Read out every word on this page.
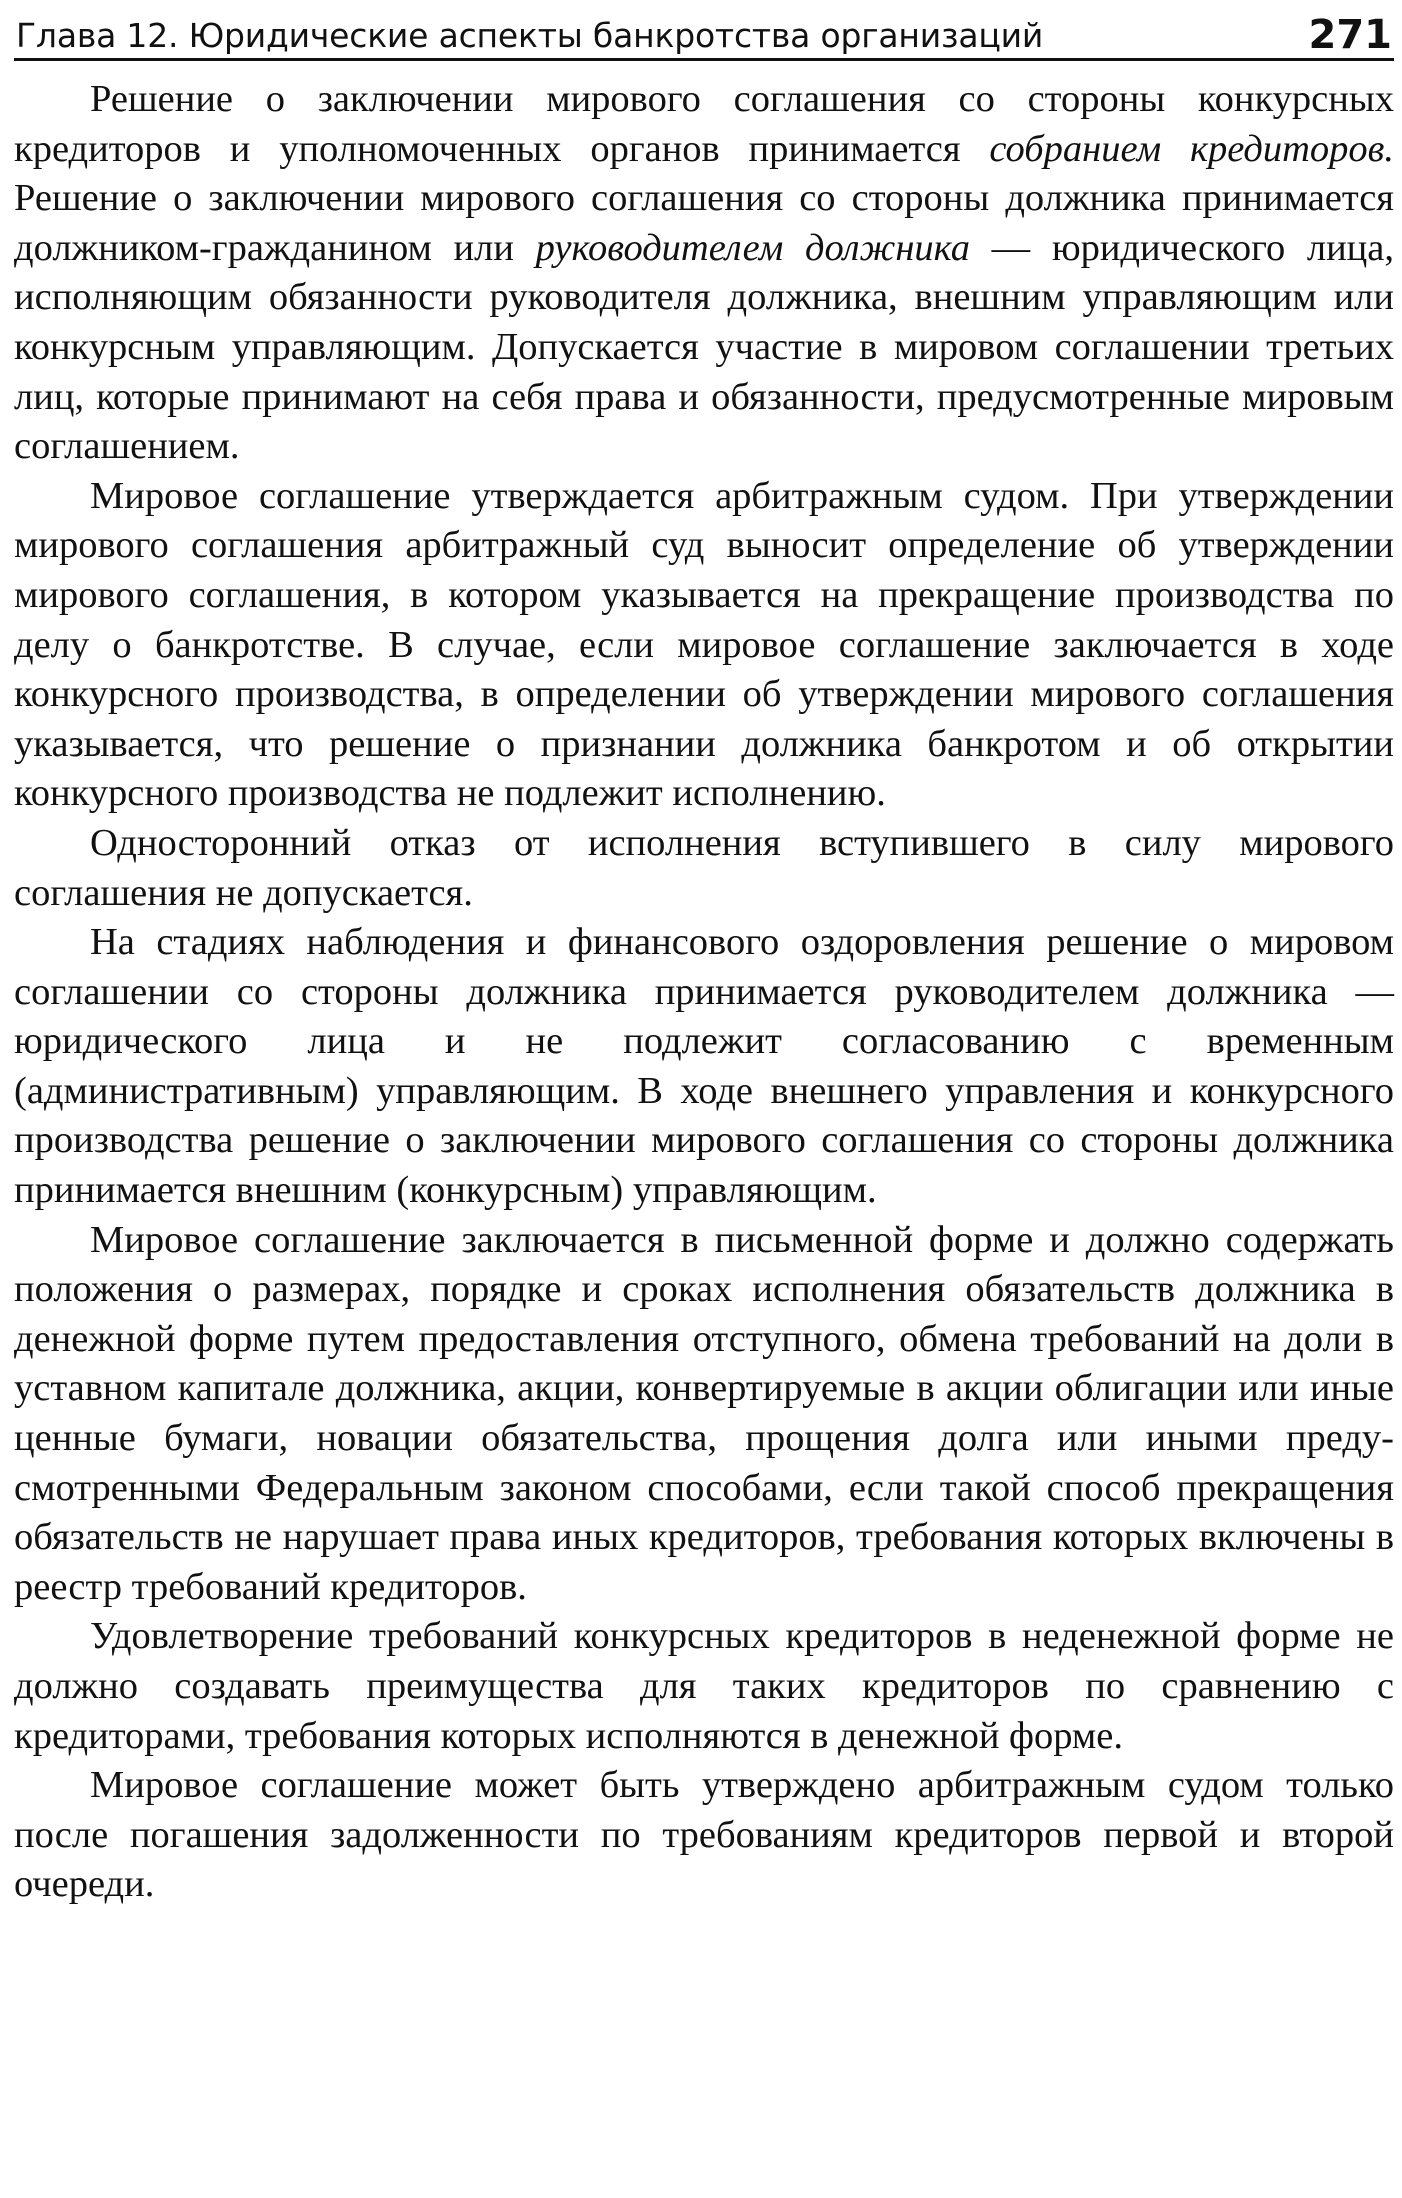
Глава 12. Юридические аспекты банкротства организаций	271

Решение о заключении мирового соглашения со стороны конкурсных кредиторов и уполномоченных органов принимается собранием кредиторов. Решение о заключении мирового соглашения со стороны должника принимается должником-гражданином или руководителем должника — юридического лица, исполняющим обязанности руководителя должника, внешним управляющим или конкурсным управляющим. Допускается участие в мировом соглашении третьих лиц, которые принимают на себя права и обязанности, предусмотренные мировым соглашением.

Мировое соглашение утверждается арбитражным судом. При утверждении мирового соглашения арбитражный суд выносит определение об утверждении мирового соглашения, в котором указывается на прекращение производства по делу о банкротстве. В случае, если мировое соглашение заключается в ходе конкурсного производства, в определении об утверждении мирового соглашения указывается, что решение о признании должника банкротом и об открытии конкурсного производства не подлежит исполнению.

Односторонний отказ от исполнения вступившего в силу мирового соглашения не допускается.

На стадиях наблюдения и финансового оздоровления решение о мировом соглашении со стороны должника принимается руководителем должника — юридического лица и не подлежит согласованию с временным (административным) управляющим. В ходе внешнего управления и конкурсного производства решение о заключении мирового соглашения со стороны должника принимается внешним (конкурсным) управляющим.

Мировое соглашение заключается в письменной форме и должно содержать положения о размерах, порядке и сроках исполнения обязательств должника в денежной форме путем предоставления отступного, обмена требований на доли в уставном капитале должника, акции, конвертируемые в акции облигации или иные ценные бумаги, новации обязательства, прощения долга или иными предусмотренными Федеральным законом способами, если такой способ прекращения обязательств не нарушает права иных кредиторов, требования которых включены в реестр требований кредиторов.

Удовлетворение требований конкурсных кредиторов в неденежной форме не должно создавать преимущества для таких кредиторов по сравнению с кредиторами, требования которых исполняются в денежной форме.

Мировое соглашение может быть утверждено арбитражным судом только после погашения задолженности по требованиям кредиторов первой и второй очереди.
